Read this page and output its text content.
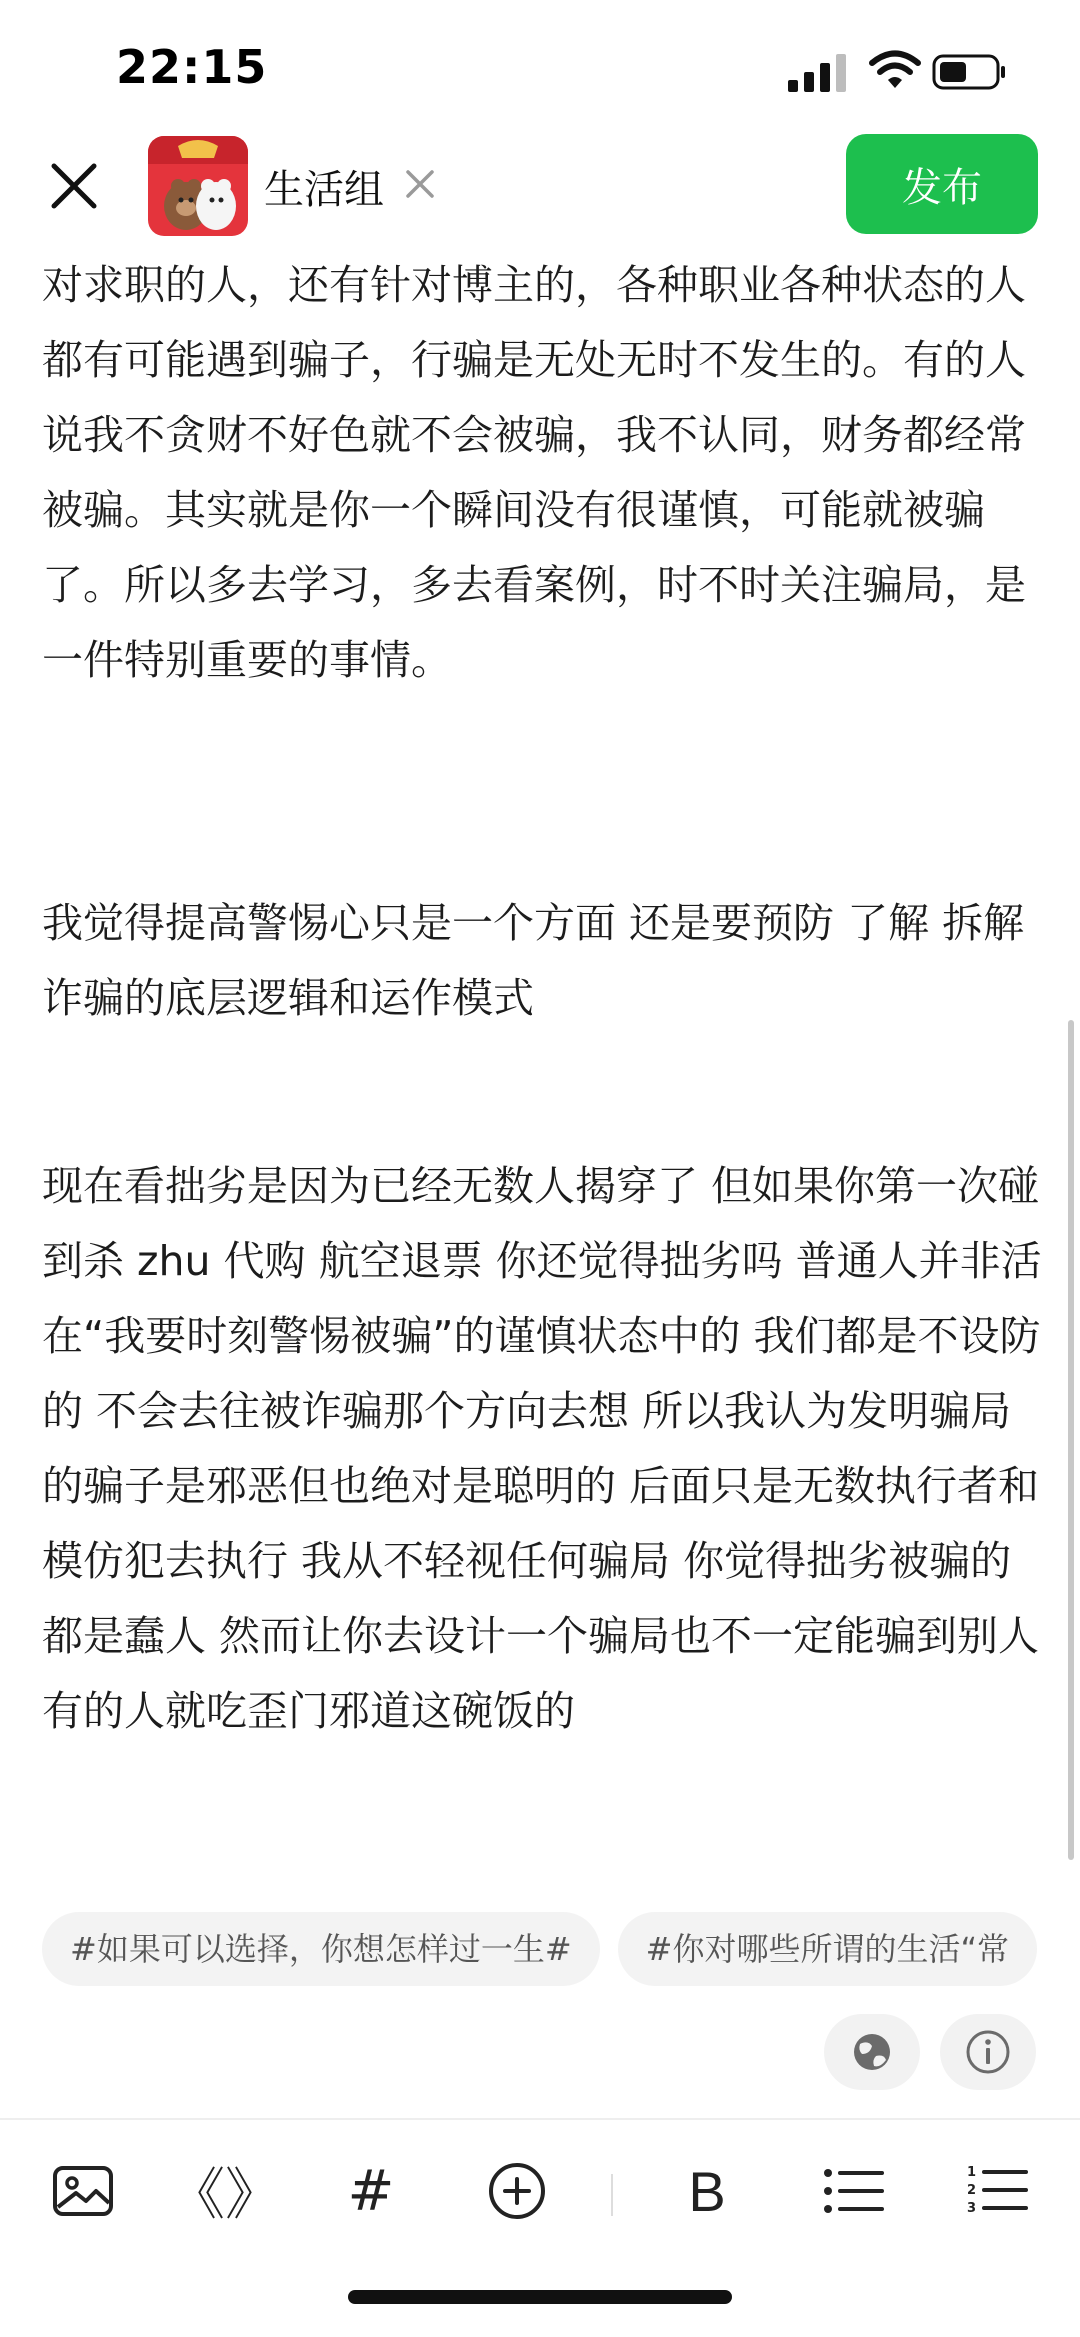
22:15
生活组	发布

对求职的人，还有针对博主的，各种职业各种状态的人都有可能遇到骗子，行骗是无处无时不发生的。有的人说我不贪财不好色就不会被骗，我不认同，财务都经常被骗。其实就是你一个瞬间没有很谨慎，可能就被骗了。所以多去学习，多去看案例，时不时关注骗局，是一件特别重要的事情。

我觉得提高警惕心只是一个方面 还是要预防 了解 拆解诈骗的底层逻辑和运作模式

现在看拙劣是因为已经无数人揭穿了 但如果你第一次碰到杀 zhu 代购 航空退票 你还觉得拙劣吗 普通人并非活在“我要时刻警惕被骗”的谨慎状态中的 我们都是不设防的 不会去往被诈骗那个方向去想 所以我认为发明骗局的骗子是邪恶但也绝对是聪明的 后面只是无数执行者和模仿犯去执行 我从不轻视任何骗局 你觉得拙劣被骗的都是蠢人 然而让你去设计一个骗局也不一定能骗到别人 有的人就吃歪门邪道这碗饭的

#如果可以选择，你想怎样过一生# #你对哪些所谓的生活“常
《》 #	B	1
2
3
